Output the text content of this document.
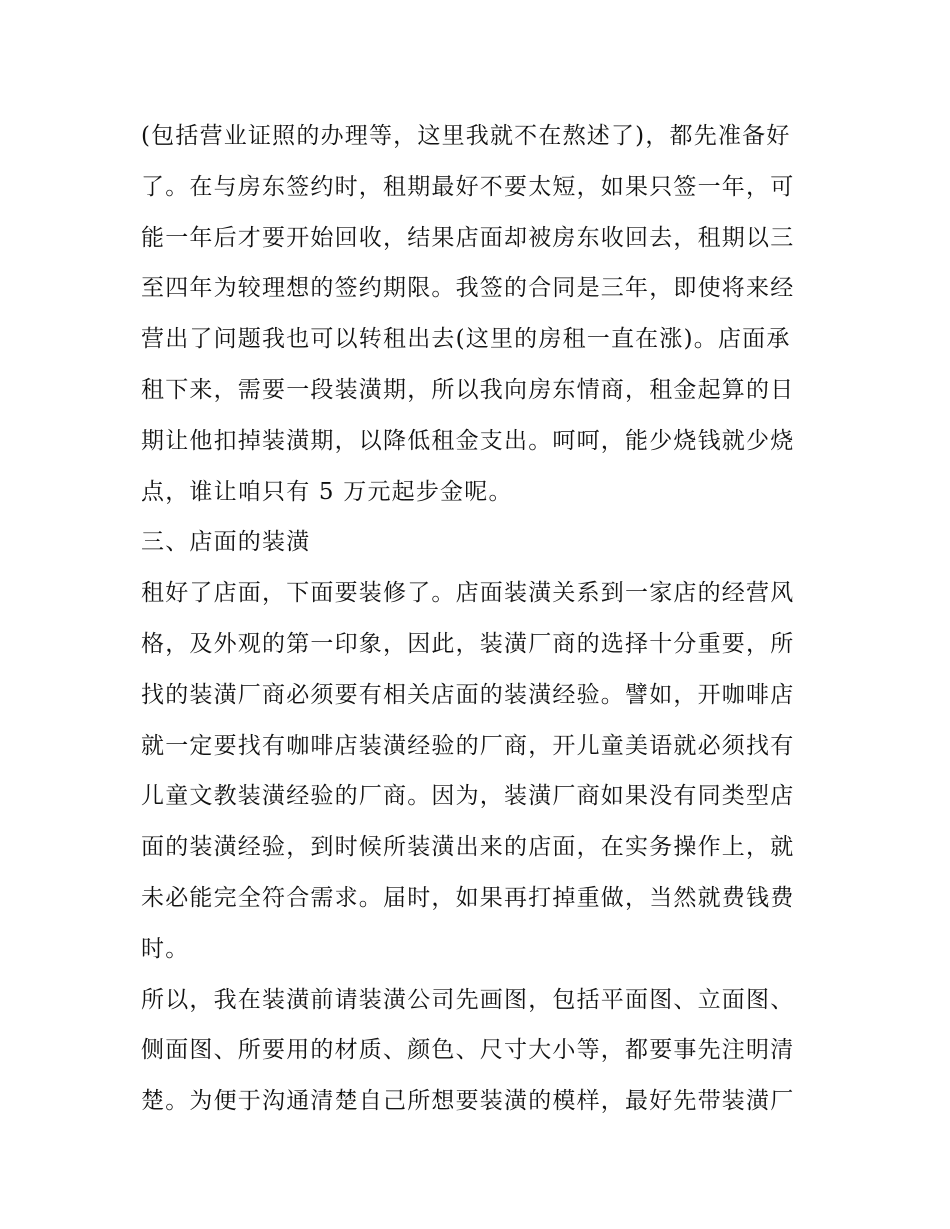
(包括营业证照的办理等，这里我就不在熬述了)，都先准备好
了。在与房东签约时，租期最好不要太短，如果只签一年，可
能一年后才要开始回收，结果店面却被房东收回去，租期以三
至四年为较理想的签约期限。我签的合同是三年，即使将来经
营出了问题我也可以转租出去(这里的房租一直在涨)。店面承
租下来，需要一段装潢期，所以我向房东情商，租金起算的日
期让他扣掉装潢期，以降低租金支出。呵呵，能少烧钱就少烧
点，谁让咱只有 5 万元起步金呢。
三、店面的装潢
租好了店面，下面要装修了。店面装潢关系到一家店的经营风
格，及外观的第一印象，因此，装潢厂商的选择十分重要，所
找的装潢厂商必须要有相关店面的装潢经验。譬如，开咖啡店
就一定要找有咖啡店装潢经验的厂商，开儿童美语就必须找有
儿童文教装潢经验的厂商。因为，装潢厂商如果没有同类型店
面的装潢经验，到时候所装潢出来的店面，在实务操作上，就
未必能完全符合需求。届时，如果再打掉重做，当然就费钱费
时。
所以，我在装潢前请装潢公司先画图，包括平面图、立面图、
侧面图、所要用的材质、颜色、尺寸大小等，都要事先注明清
楚。为便于沟通清楚自己所想要装潢的模样，最好先带装潢厂
